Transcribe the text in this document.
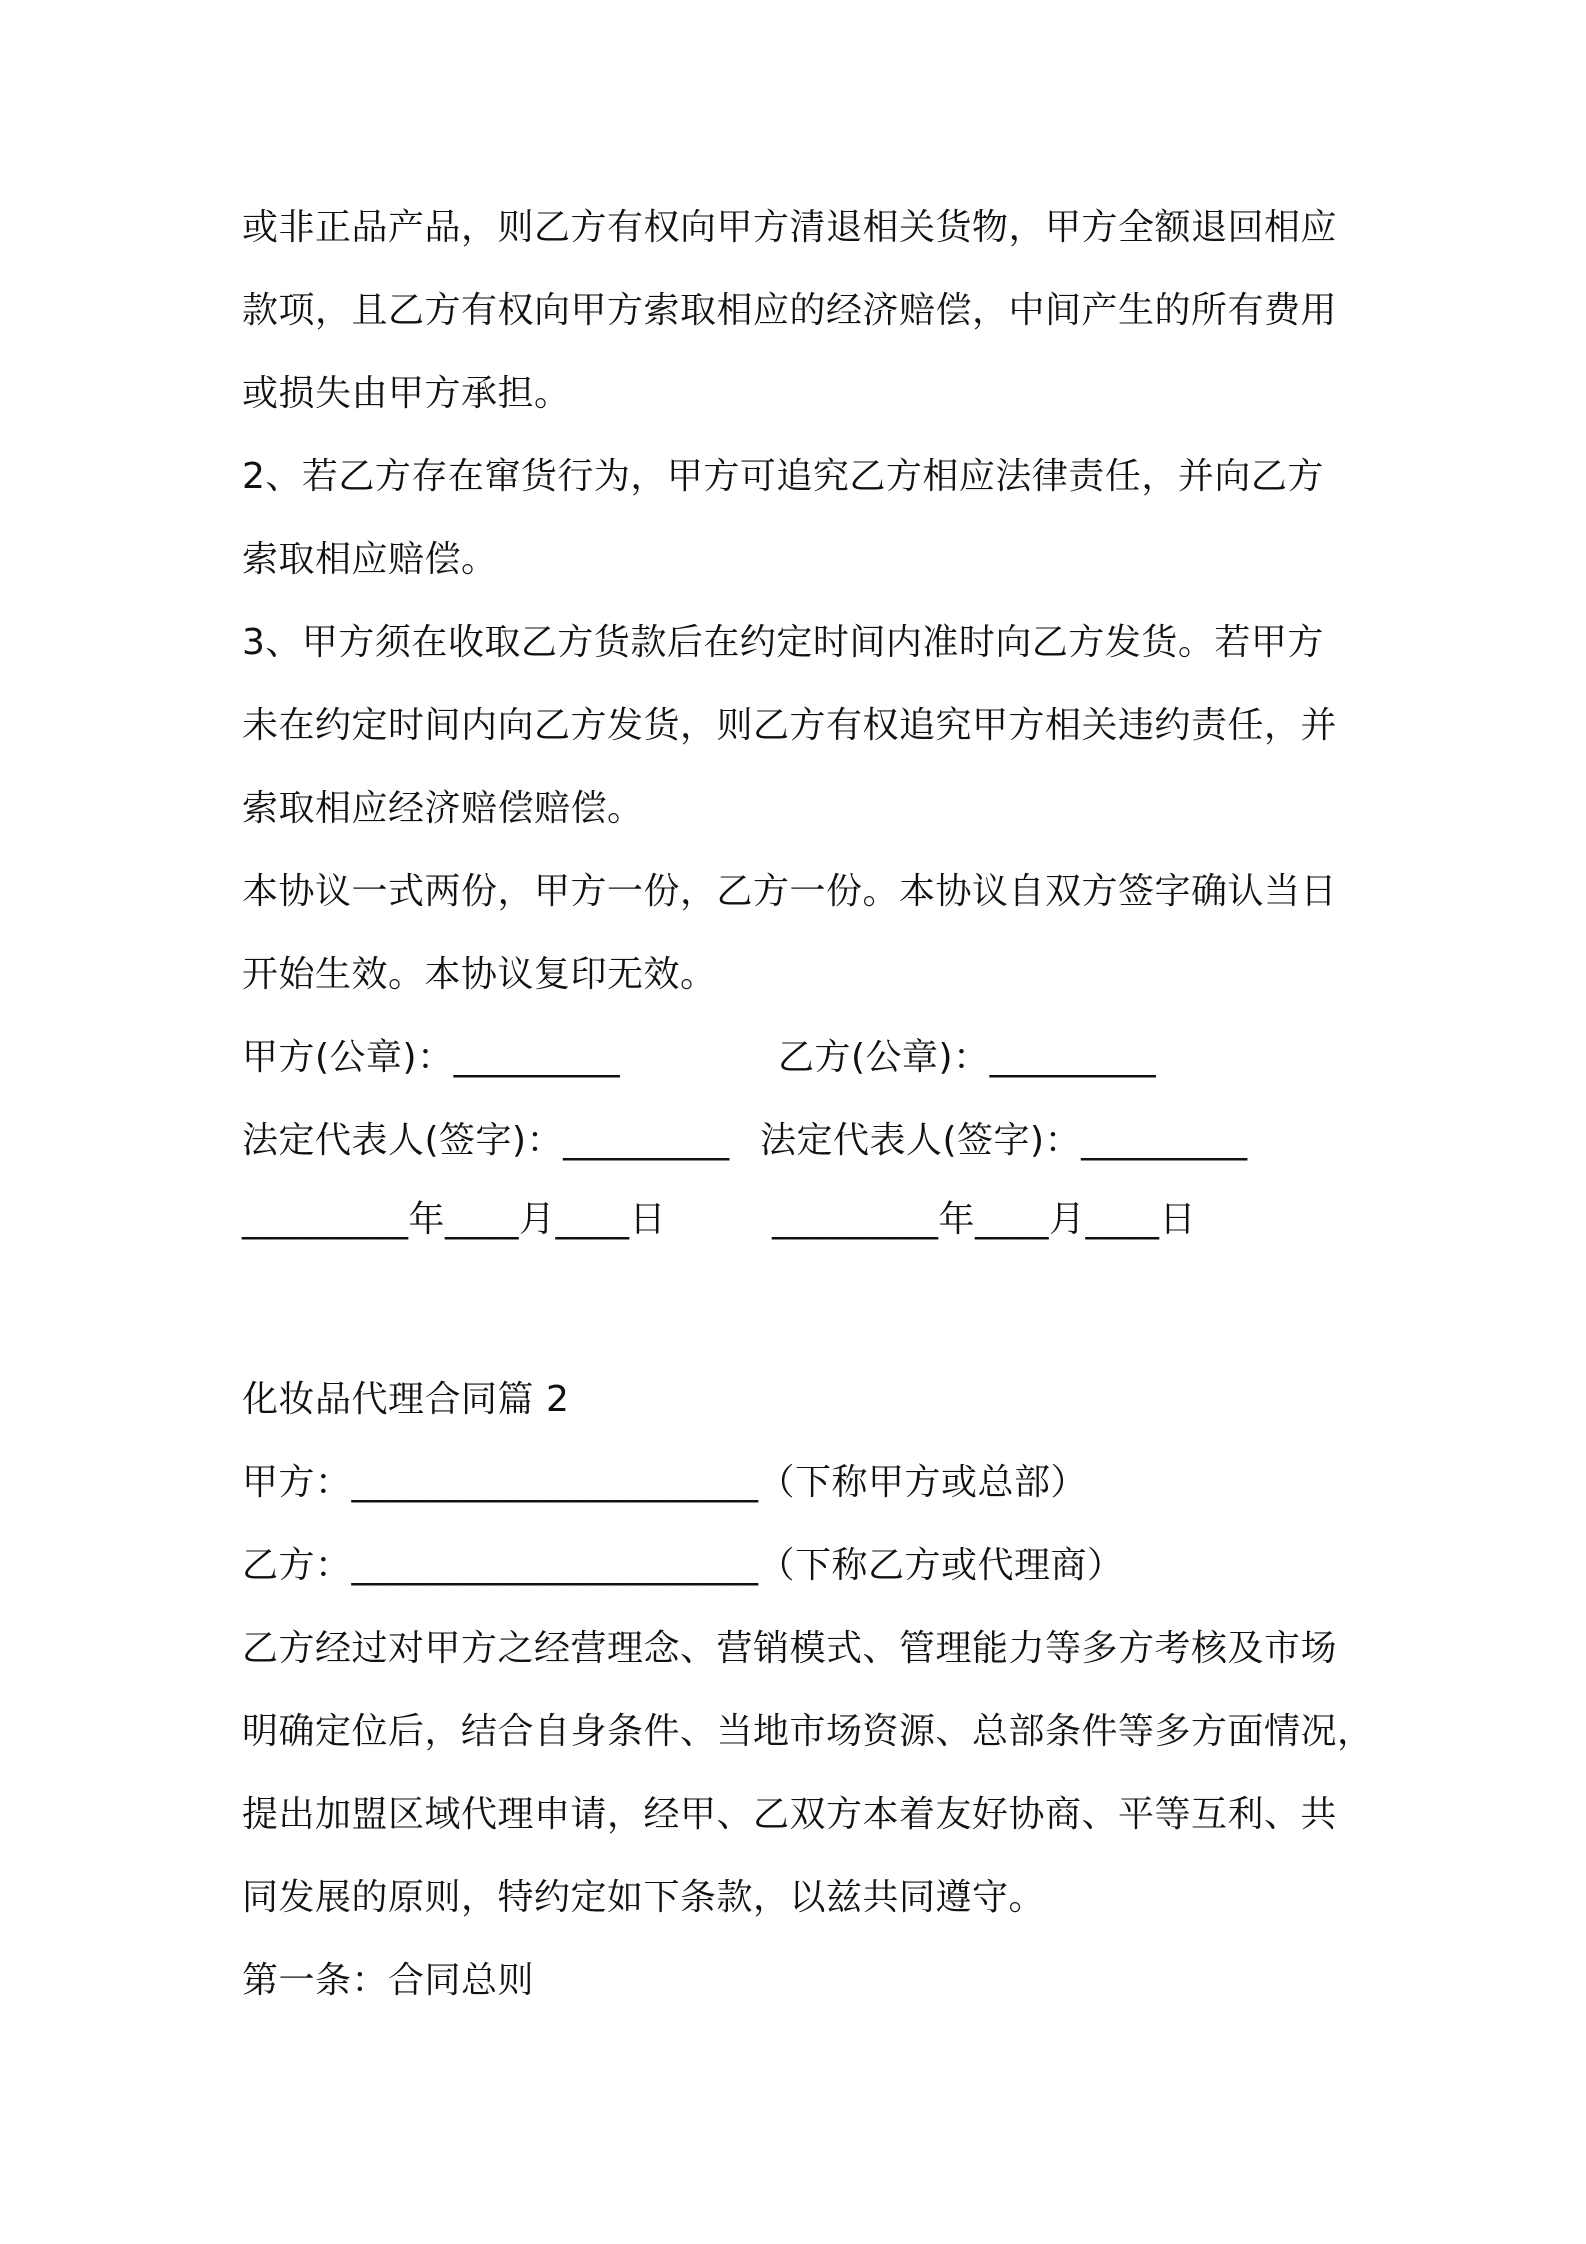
或非正品产品，则乙方有权向甲方清退相关货物，甲方全额退回相应

款项，且乙方有权向甲方索取相应的经济赔偿，中间产生的所有费用

或损失由甲方承担。

2、若乙方存在窜货行为，甲方可追究乙方相应法律责任，并向乙方

索取相应赔偿。

3、甲方须在收取乙方货款后在约定时间内准时向乙方发货。若甲方

未在约定时间内向乙方发货，则乙方有权追究甲方相关违约责任，并

索取相应经济赔偿赔偿。

本协议一式两份，甲方一份，乙方一份。本协议自双方签字确认当日

开始生效。本协议复印无效。

甲方(公章)：_________	乙方(公章)：_________

法定代表人(签字)：_________ 法定代表人(签字)：_________

_________年____月____日	_________年____月____日

化妆品代理合同篇 2

甲方：______________________（下称甲方或总部）

乙方：______________________（下称乙方或代理商）

乙方经过对甲方之经营理念、营销模式、管理能力等多方考核及市场

明确定位后，结合自身条件、当地市场资源、总部条件等多方面情况，

提出加盟区域代理申请，经甲、乙双方本着友好协商、平等互利、共

同发展的原则，特约定如下条款，以兹共同遵守。

第一条：合同总则
